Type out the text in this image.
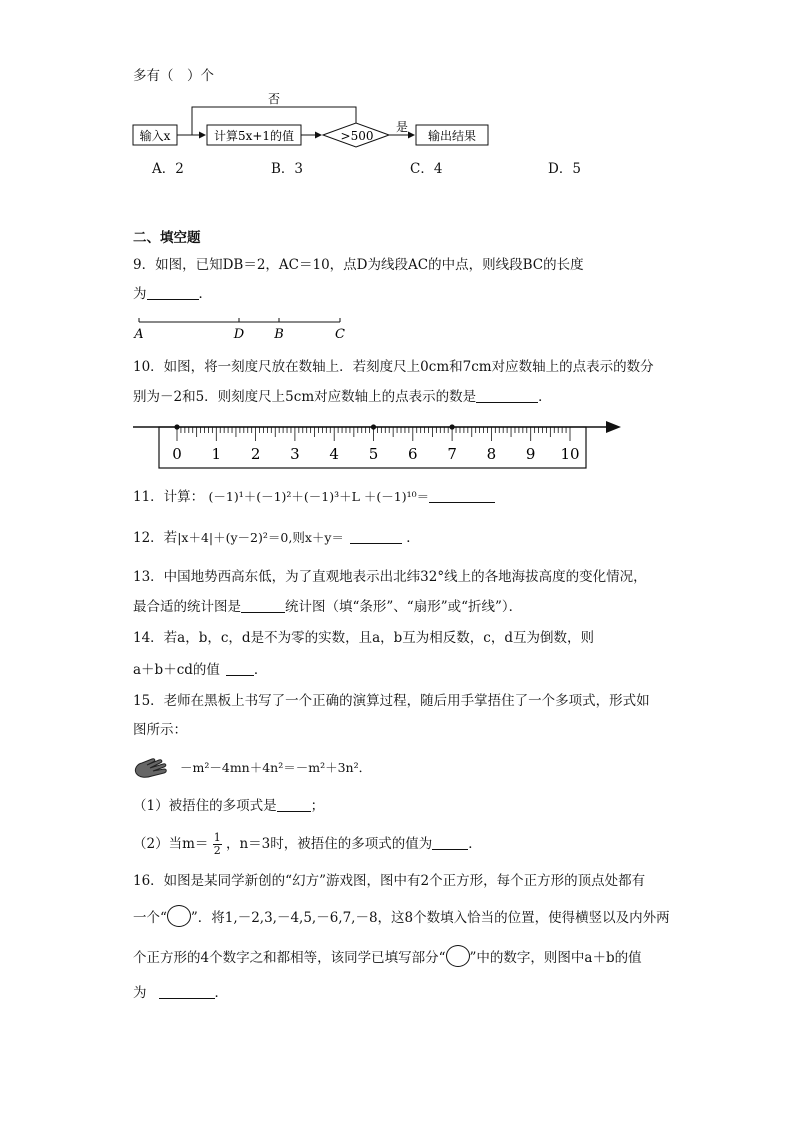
多有（　）个
输入x	计算5x+1的值	>500
是
输出结果
否
A．2	B．3	C．4	D．5
二、填空题
9．如图，已知DB＝2，AC＝10，点D为线段AC的中点，则线段BC的长度
为	．
A	D B	C
10．如图，将一刻度尺放在数轴上．若刻度尺上0cm和7cm对应数轴上的点表示的数分
别为－2和5．则刻度尺上5cm对应数轴上的点表示的数是	．
0 1 2 3 4 5 6 7 8 9 10
11．计算： (－1)¹＋(－1)²＋(－1)³＋L ＋(－1)¹⁰＝
12．若|x＋4|＋(y－2)²＝0,则x＋y＝	．
13．中国地势西高东低，为了直观地表示出北纬32°线上的各地海拔高度的变化情况，
最合适的统计图是	统计图（填“条形”、“扇形”或“折线”）．
14．若a，b，c，d是不为零的实数，且a，b互为相反数，c，d互为倒数，则
a＋b＋cd的值	．
15．老师在黑板上书写了一个正确的演算过程，随后用手掌捂住了一个多项式，形式如
图所示：
－m²－4mn＋4n²＝－m²＋3n²．
（1）被捂住的多项式是	；
（2）当$m= \frac{1}{2}$ ，n＝3时，被捂住的多项式的值为	．
16．如图是某同学新创的“幻方”游戏图，图中有2个正方形，每个正方形的顶点处都有
一个“ ”．将1,－2,3,－4,5,－6,7,－8，这8个数填入恰当的位置，使得横竖以及内外两
个正方形的4个数字之和都相等，该同学已填写部分“ ”中的数字，则图中a＋b的值
为	．
